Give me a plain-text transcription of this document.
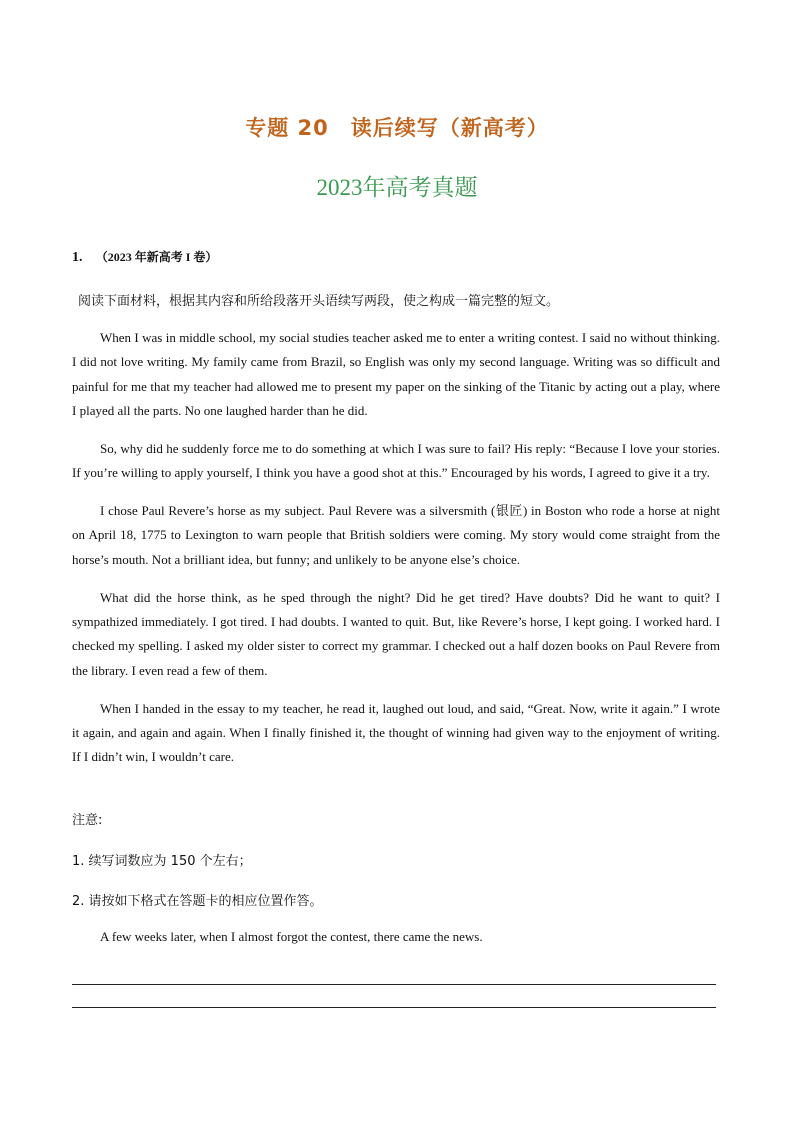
专题 20　读后续写（新高考）
2023年高考真题
1. （2023 年新高考 I 卷）
阅读下面材料，根据其内容和所给段落开头语续写两段，使之构成一篇完整的短文。

When I was in middle school, my social studies teacher asked me to enter a writing contest. I said no without thinking. I did not love writing. My family came from Brazil, so English was only my second language. Writing was so difficult and painful for me that my teacher had allowed me to present my paper on the sinking of the Titanic by acting out a play, where I played all the parts. No one laughed harder than he did.

So, why did he suddenly force me to do something at which I was sure to fail? His reply: “Because I love your stories. If you’re willing to apply yourself, I think you have a good shot at this.” Encouraged by his words, I agreed to give it a try.

I chose Paul Revere’s horse as my subject. Paul Revere was a silversmith (银匠) in Boston who rode a horse at night on April 18, 1775 to Lexington to warn people that British soldiers were coming. My story would come straight from the horse’s mouth. Not a brilliant idea, but funny; and unlikely to be anyone else’s choice.

What did the horse think, as he sped through the night? Did he get tired? Have doubts? Did he want to quit? I sympathized immediately. I got tired. I had doubts. I wanted to quit. But, like Revere’s horse, I kept going. I worked hard. I checked my spelling. I asked my older sister to correct my grammar. I checked out a half dozen books on Paul Revere from the library. I even read a few of them.

When I handed in the essay to my teacher, he read it, laughed out loud, and said, “Great. Now, write it again.” I wrote it again, and again and again. When I finally finished it, the thought of winning had given way to the enjoyment of writing. If I didn’t win, I wouldn’t care.

注意:
1. 续写词数应为 150 个左右；
2. 请按如下格式在答题卡的相应位置作答。
A few weeks later, when I almost forgot the contest, there came the news.
